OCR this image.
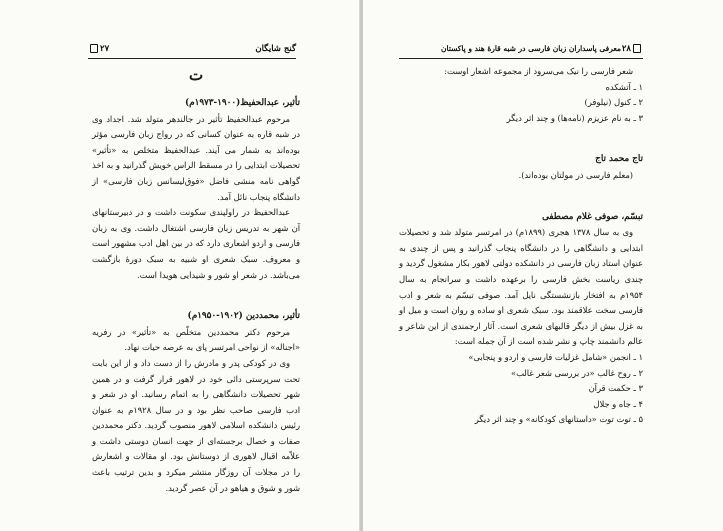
۲۷	گنج شایگان
ت
تأثیر، عبدالحفیظ(۱۹۰۰-۱۹۷۳م)

مرحوم عبدالحفیظ تأثیر در جالندهر متولد شد. اجداد وی در شبه قاره به عنوان کسانی که در رواج زبان فارسی مؤثر بوده‌اند به شمار می آیند. عبدالحفیظ متخلص به «تأثیر» تحصیلات ابتدایی را در مسقط الراس خویش گذرانید و به اخذ گواهی نامه منشی فاضل «فوق‌لیسانس زبان فارسی» از دانشگاه پنجاب نائل آمد.

عبدالحفیظ در راولپندی سکونت داشت و در دبیرستانهای آن شهر به تدریس زبان فارسی اشتغال داشت. وی به زبان فارسی و اردو اشعاری دارد که در بین اهل ادب مشهور است و معروف. سبک شعری او شبیه به سبک دورهٔ بازگشت می‌باشد. در شعر او شور و شیدایی هویدا است.

تأثیر، محمددین (۱۹۰۲-۱۹۵۰م)

مرحوم دکتر محمددین متخلّص به «تأثیر» در رفریه «اجناله» از نواحی امرتسر پای به عرصه حیات نهاد.

وی در کودکی پدر و مادرش را از دست داد و از این بابت تحت سرپرستی دائی خود در لاهور قرار گرفت و در همین شهر تحصیلات دانشگاهی را به اتمام رسانید. او در شعر و ادب فارسی صاحب نظر بود و در سال ۱۹۲۸م به عنوان رئیس دانشکده اسلامی لاهور منصوب گردید. دکتر محمددین صفات و خصال برجسته‌ای از جهت انسان دوستی داشت و علاّمه اقبال لاهوری از دوستانش بود. او مقالات و اشعارش را در مجلات آن روزگار منتشر میکرد و بدین ترتیب باعث شور و شوق و هیاهو در آن عصر گردید.

معرفی پاسداران زبان فارسی در شبه قارهٔ هند و پاکستان ۲۸

شعر فارسی را نیک می‌سرود از مجموعه اشعار اوست:

۱ ـ آتشکده
۲ ـ کنول (نیلوفر)
۳ ـ به نام عزیزم (نامه‌ها) و چند اثر دیگر
تاج محمد تاج

(معلم فارسی در مولتان بوده‌اند).

تبسّم، صوفی غلام مصطفی

وی به سال ۱۳۷۸ هجری (۱۸۹۹م) در امرتسر متولد شد و تحصیلات ابتدایی و دانشگاهی را در دانشگاه پنجاب گذرانید و پس از چندی به عنوان استاد زبان فارسی در دانشکده دولتی لاهور بکار مشغول گردید و چندی ریاست بخش فارسی را برعهده داشت و سرانجام به سال ۱۹۵۴م به افتخار بازنشستگی نایل آمد. صوفی تبسّم به شعر و ادب فارسی سخت علاقمند بود. سبک شعری او ساده و روان است و میل او به غزل بیش از دیگر قالبهای شعری است. آثار ارجمندی از این شاعر و عالم دانشمند چاپ و نشر شده است از آن جمله است:

۱ ـ انجمن «شامل غزلیات فارسی و اردو و پنجابی»
۲ ـ روح غالب «در بررسی شعر غالب»
۳ ـ حکمت قرآن
۴ ـ جاه و جلال
۵ ـ توت توت «داستانهای کودکانه» و چند اثر دیگر
